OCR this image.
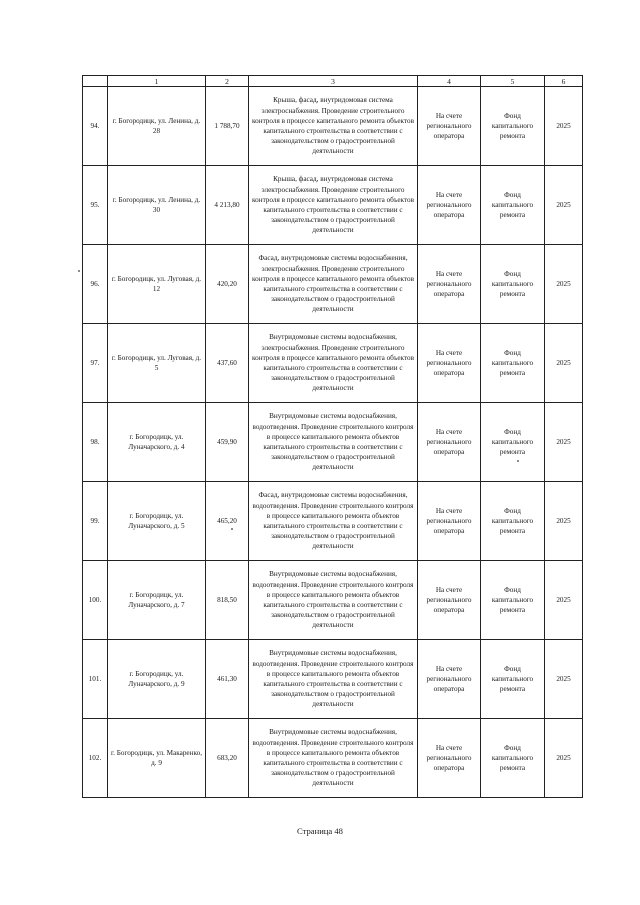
	1	2	3	4	5	6
94.	г. Богородицк, ул. Ленина, д. 28	1 788,70	Крыша, фасад, внутридомовая система электроснабжения. Проведение строительного контроля в процессе капитального ремонта объектов капитального строительства в соответствии с законодательством о градостроительной деятельности	На счете регионального оператора	Фонд капитального ремонта	2025
95.	г. Богородицк, ул. Ленина, д. 30	4 213,80	Крыша, фасад, внутридомовая система электроснабжения. Проведение строительного контроля в процессе капитального ремонта объектов капитального строительства в соответствии с законодательством о градостроительной деятельности	На счете регионального оператора	Фонд капитального ремонта	2025
96.	г. Богородицк, ул. Луговая, д. 12	420,20	Фасад, внутридомовые системы водоснабжения, электроснабжения. Проведение строительного контроля в процессе капитального ремонта объектов капитального строительства в соответствии с законодательством о градостроительной деятельности	На счете регионального оператора	Фонд капитального ремонта	2025
97.	г. Богородицк, ул. Луговая, д. 5	437,60	Внутридомовые системы водоснабжения, электроснабжения. Проведение строительного контроля в процессе капитального ремонта объектов капитального строительства в соответствии с законодательством о градостроительной деятельности	На счете регионального оператора	Фонд капитального ремонта	2025
98.	г. Богородицк, ул. Луначарского, д. 4	459,90	Внутридомовые системы водоснабжения, водоотведения. Проведение строительного контроля в процессе капитального ремонта объектов капитального строительства в соответствии с законодательством о градостроительной деятельности	На счете регионального оператора	Фонд капитального ремонта	2025
99.	г. Богородицк, ул. Луначарского, д. 5	465,20	Фасад, внутридомовые системы водоснабжения, водоотведения. Проведение строительного контроля в процессе капитального ремонта объектов капитального строительства в соответствии с законодательством о градостроительной деятельности	На счете регионального оператора	Фонд капитального ремонта	2025
100.	г. Богородицк, ул. Луначарского, д. 7	818,50	Внутридомовые системы водоснабжения, водоотведения. Проведение строительного контроля в процессе капитального ремонта объектов капитального строительства в соответствии с законодательством о градостроительной деятельности	На счете регионального оператора	Фонд капитального ремонта	2025
101.	г. Богородицк, ул. Луначарского, д. 9	461,30	Внутридомовые системы водоснабжения, водоотведения. Проведение строительного контроля в процессе капитального ремонта объектов капитального строительства в соответствии с законодательством о градостроительной деятельности	На счете регионального оператора	Фонд капитального ремонта	2025
102.	г. Богородицк, ул. Макаренко, д. 9	683,20	Внутридомовые системы водоснабжения, водоотведения. Проведение строительного контроля в процессе капитального ремонта объектов капитального строительства в соответствии с законодательством о градостроительной деятельности	На счете регионального оператора	Фонд капитального ремонта	2025
Страница 48
